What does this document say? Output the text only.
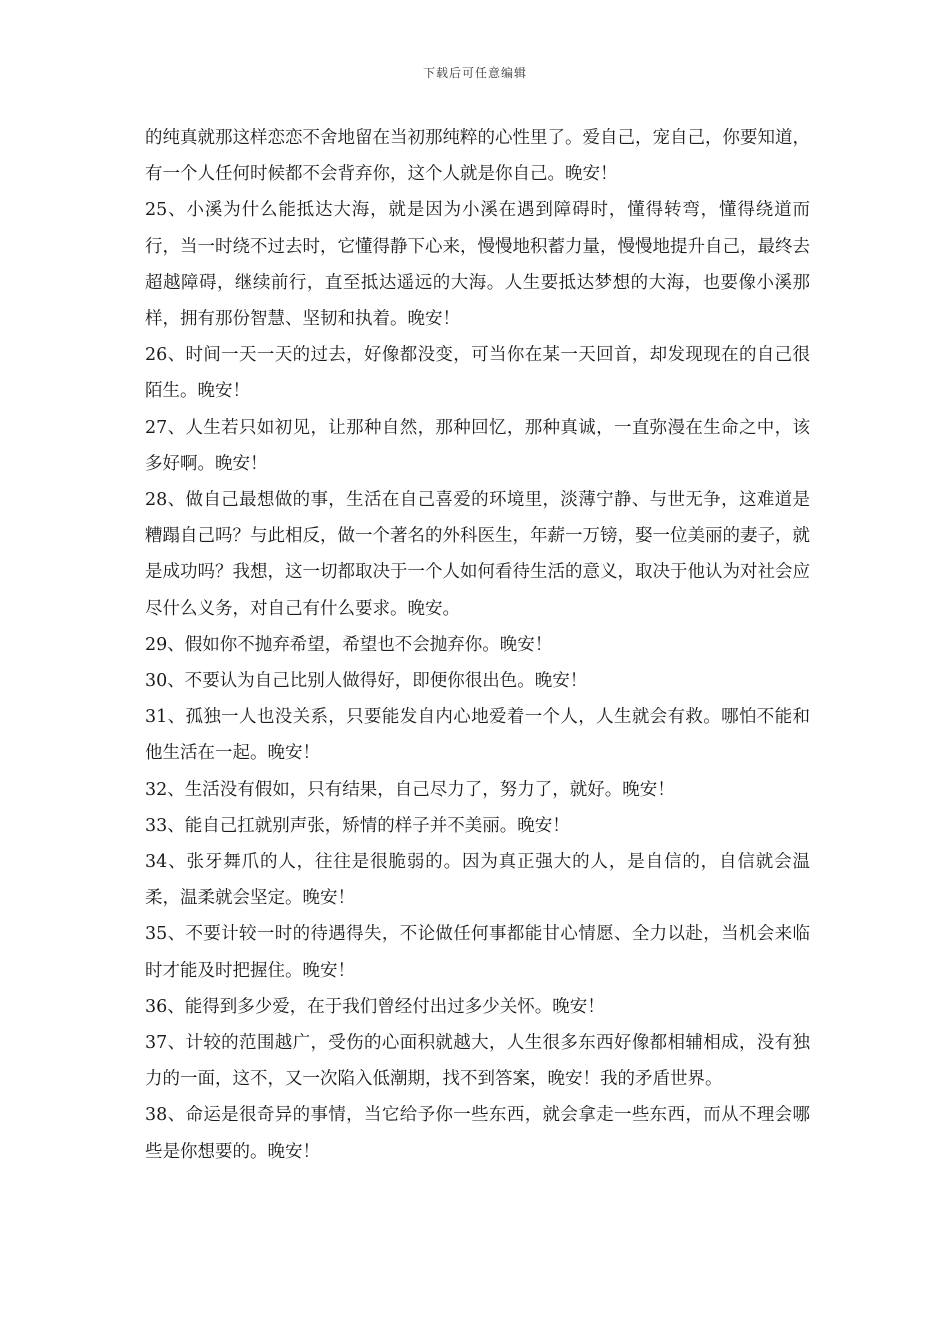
下载后可任意编辑

的纯真就那这样恋恋不舍地留在当初那纯粹的心性里了。爱自己，宠自己，你要知道，有一个人任何时候都不会背弃你，这个人就是你自己。晚安！

25、小溪为什么能抵达大海，就是因为小溪在遇到障碍时，懂得转弯，懂得绕道而行，当一时绕不过去时，它懂得静下心来，慢慢地积蓄力量，慢慢地提升自己，最终去超越障碍，继续前行，直至抵达遥远的大海。人生要抵达梦想的大海，也要像小溪那样，拥有那份智慧、坚韧和执着。晚安！

26、时间一天一天的过去，好像都没变，可当你在某一天回首，却发现现在的自己很陌生。晚安！

27、人生若只如初见，让那种自然，那种回忆，那种真诚，一直弥漫在生命之中，该多好啊。晚安！

28、做自己最想做的事，生活在自己喜爱的环境里，淡薄宁静、与世无争，这难道是糟蹋自己吗？与此相反，做一个著名的外科医生，年薪一万镑，娶一位美丽的妻子，就是成功吗？我想，这一切都取决于一个人如何看待生活的意义，取决于他认为对社会应尽什么义务，对自己有什么要求。晚安。

29、假如你不抛弃希望，希望也不会抛弃你。晚安！

30、不要认为自己比别人做得好，即便你很出色。晚安！

31、孤独一人也没关系，只要能发自内心地爱着一个人，人生就会有救。哪怕不能和他生活在一起。晚安！

32、生活没有假如，只有结果，自己尽力了，努力了，就好。晚安！

33、能自己扛就别声张，矫情的样子并不美丽。晚安！

34、张牙舞爪的人，往往是很脆弱的。因为真正强大的人，是自信的，自信就会温柔，温柔就会坚定。晚安！

35、不要计较一时的待遇得失，不论做任何事都能甘心情愿、全力以赴，当机会来临时才能及时把握住。晚安！

36、能得到多少爱，在于我们曾经付出过多少关怀。晚安！

37、计较的范围越广，受伤的心面积就越大，人生很多东西好像都相辅相成，没有独力的一面，这不，又一次陷入低潮期，找不到答案，晚安！我的矛盾世界。

38、命运是很奇异的事情，当它给予你一些东西，就会拿走一些东西，而从不理会哪些是你想要的。晚安！
